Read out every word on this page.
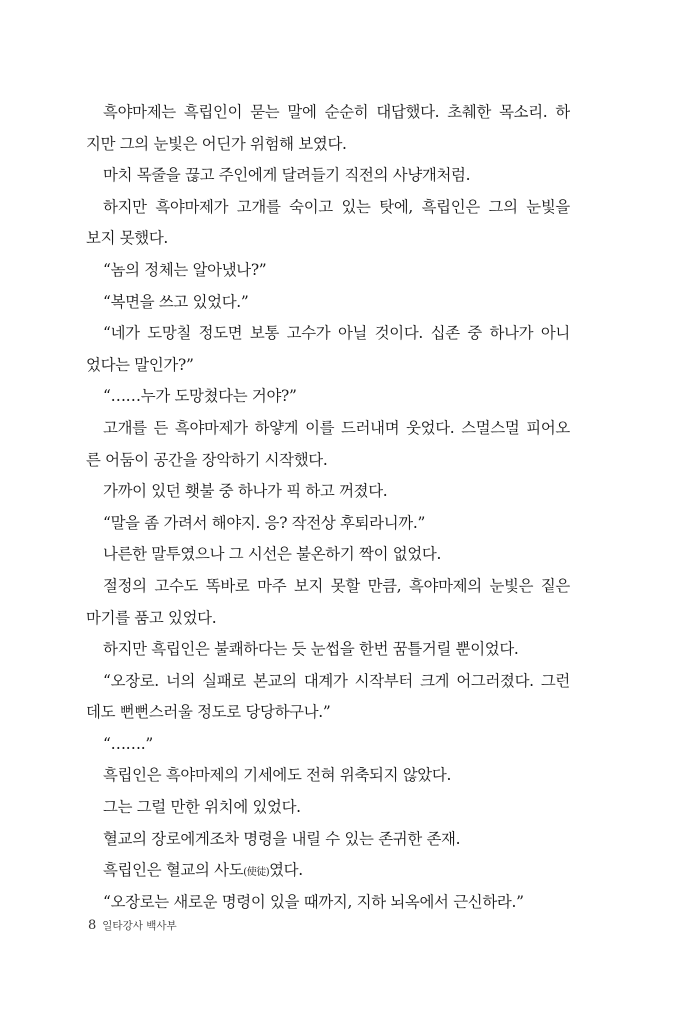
흑야마제는 흑립인이 묻는 말에 순순히 대답했다. 초췌한 목소리. 하
지만 그의 눈빛은 어딘가 위험해 보였다.
마치 목줄을 끊고 주인에게 달려들기 직전의 사냥개처럼.
하지만 흑야마제가 고개를 숙이고 있는 탓에, 흑립인은 그의 눈빛을
보지 못했다.
“놈의 정체는 알아냈나?”
“복면을 쓰고 있었다.”
“네가 도망칠 정도면 보통 고수가 아닐 것이다. 십존 중 하나가 아니
었다는 말인가?”
“……누가 도망쳤다는 거야?”
고개를 든 흑야마제가 하얗게 이를 드러내며 웃었다. 스멀스멀 피어오
른 어둠이 공간을 장악하기 시작했다.
가까이 있던 횃불 중 하나가 픽 하고 꺼졌다.
“말을 좀 가려서 해야지. 응? 작전상 후퇴라니까.”
나른한 말투였으나 그 시선은 불온하기 짝이 없었다.
절정의 고수도 똑바로 마주 보지 못할 만큼, 흑야마제의 눈빛은 짙은
마기를 품고 있었다.
하지만 흑립인은 불쾌하다는 듯 눈썹을 한번 꿈틀거릴 뿐이었다.
“오장로. 너의 실패로 본교의 대계가 시작부터 크게 어그러졌다. 그런
데도 뻔뻔스러울 정도로 당당하구나.”
“…….”
흑립인은 흑야마제의 기세에도 전혀 위축되지 않았다.
그는 그럴 만한 위치에 있었다.
혈교의 장로에게조차 명령을 내릴 수 있는 존귀한 존재.
흑립인은 혈교의 사도(使徒)였다.
“오장로는 새로운 명령이 있을 때까지, 지하 뇌옥에서 근신하라.”
8 일타강사 백사부
